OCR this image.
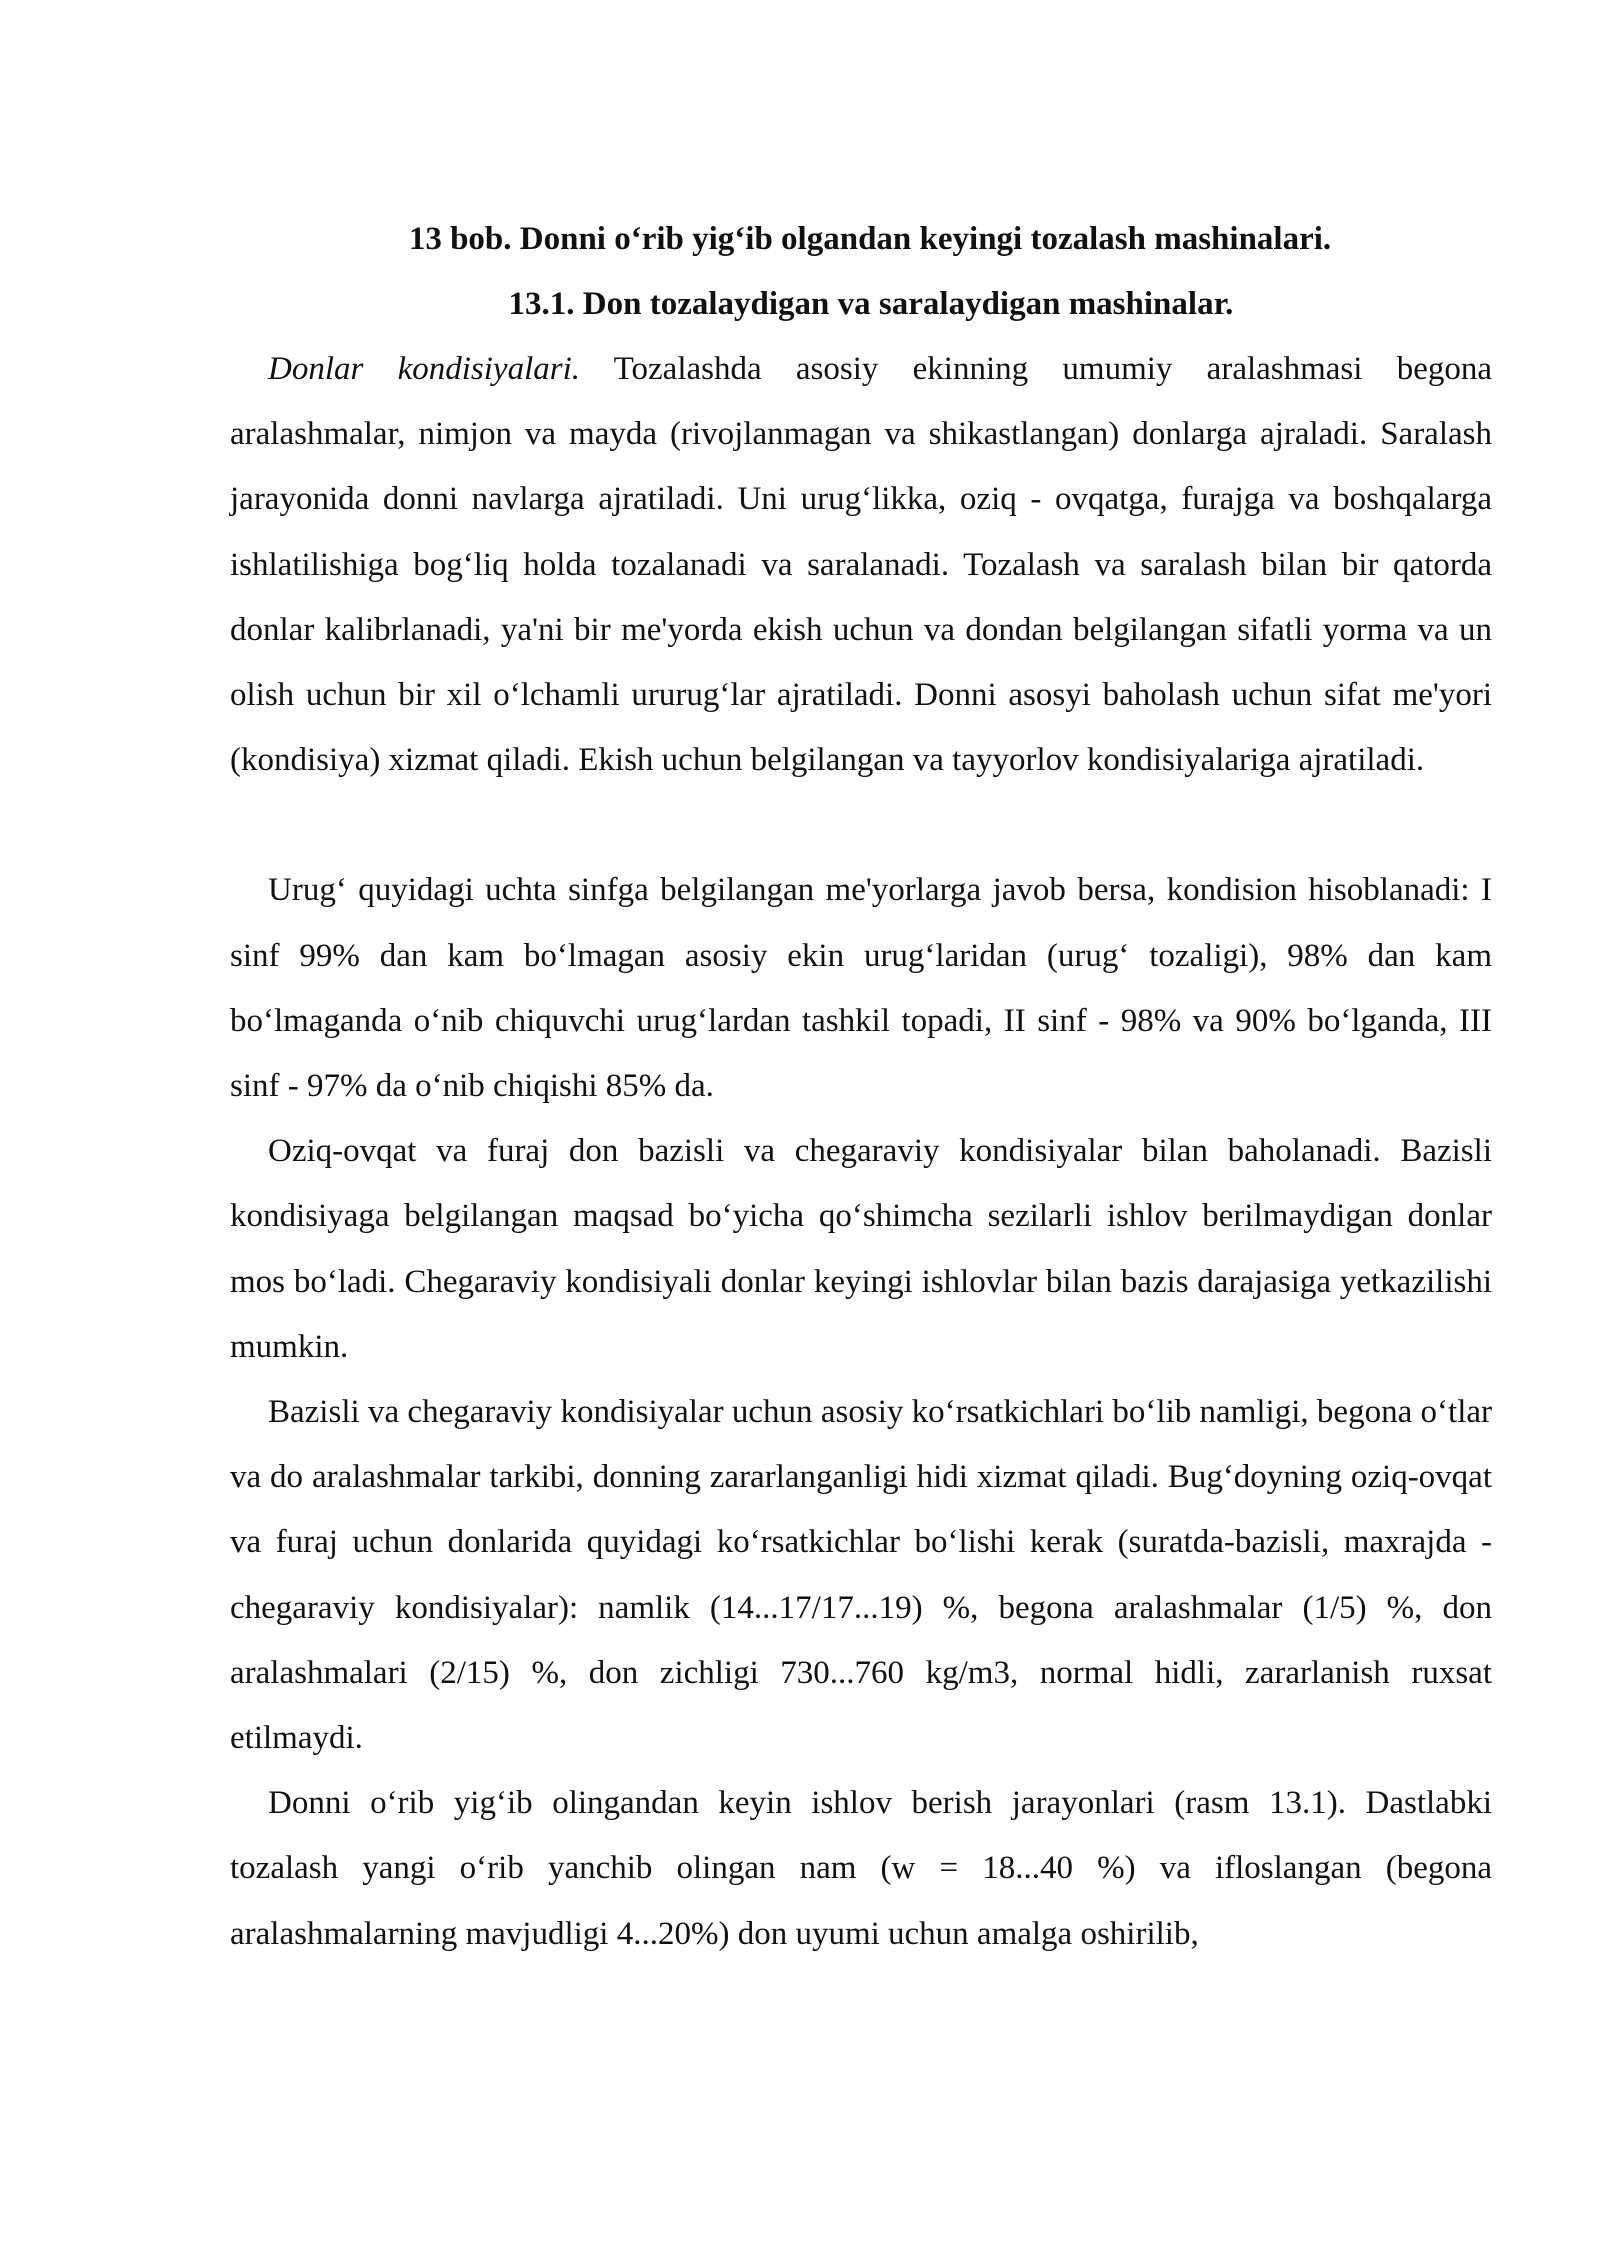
13 bob. Donni o‘rib yig‘ib olgandan keyingi tozalash mashinalari.
13.1. Don tozalaydigan va saralaydigan mashinalar.

Donlar kondisiyalari. Tozalashda asosiy ekinning umumiy aralashmasi begona aralashmalar, nimjon va mayda (rivojlanmagan va shikastlangan) donlarga ajraladi. Saralash jarayonida donni navlarga ajratiladi. Uni urug‘likka, oziq - ovqatga, furajga va boshqalarga ishlatilishiga bog‘liq holda tozalanadi va saralanadi. Tozalash va saralash bilan bir qatorda donlar kalibrlanadi, ya'ni bir me'yorda ekish uchun va dondan belgilangan sifatli yorma va un olish uchun bir xil o‘lchamli ururug‘lar ajratiladi. Donni asosyi baholash uchun sifat me'yori (kondisiya) xizmat qiladi. Ekish uchun belgilangan va tayyorlov kondisiyalariga ajratiladi.

Urug‘ quyidagi uchta sinfga belgilangan me'yorlarga javob bersa, kondision hisoblanadi: I sinf 99% dan kam bo‘lmagan asosiy ekin urug‘laridan (urug‘ tozaligi), 98% dan kam bo‘lmaganda o‘nib chiquvchi urug‘lardan tashkil topadi, II sinf - 98% va 90% bo‘lganda, III sinf - 97% da o‘nib chiqishi 85% da.

Oziq-ovqat va furaj don bazisli va chegaraviy kondisiyalar bilan baholanadi. Bazisli kondisiyaga belgilangan maqsad bo‘yicha qo‘shimcha sezilarli ishlov berilmaydigan donlar mos bo‘ladi. Chegaraviy kondisiyali donlar keyingi ishlovlar bilan bazis darajasiga yetkazilishi mumkin.

Bazisli va chegaraviy kondisiyalar uchun asosiy ko‘rsatkichlari bo‘lib namligi, begona o‘tlar va do aralashmalar tarkibi, donning zararlanganligi hidi xizmat qiladi. Bug‘doyning oziq-ovqat va furaj uchun donlarida quyidagi ko‘rsatkichlar bo‘lishi kerak (suratda-bazisli, maxrajda -chegaraviy kondisiyalar): namlik (14...17/17...19) %, begona aralashmalar (1/5) %, don aralashmalari (2/15) %, don zichligi 730...760 kg/m3, normal hidli, zararlanish ruxsat etilmaydi.

Donni o‘rib yig‘ib olingandan keyin ishlov berish jarayonlari (rasm 13.1). Dastlabki tozalash yangi o‘rib yanchib olingan nam (w = 18...40 %) va ifloslangan (begona aralashmalarning mavjudligi 4...20%) don uyumi uchun amalga oshirilib,
